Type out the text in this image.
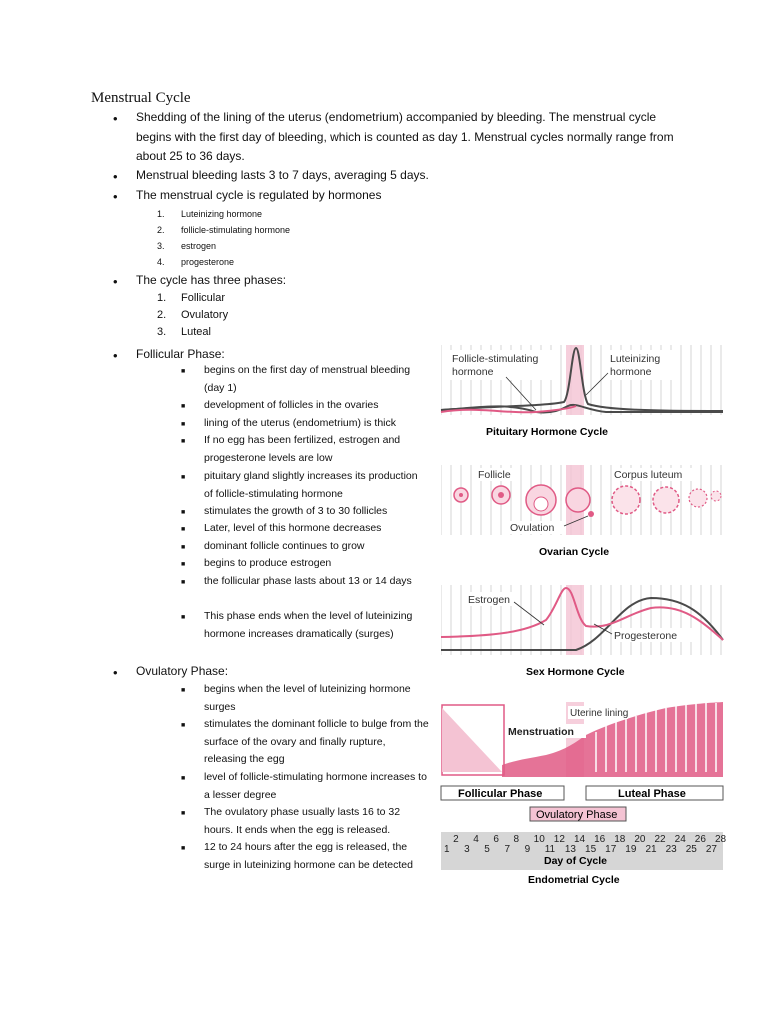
Menstrual Cycle
• Shedding of the lining of the uterus (endometrium) accompanied by bleeding. The menstrual cycle begins with the first day of bleeding, which is counted as day 1. Menstrual cycles normally range from about 25 to 36 days.
• Menstrual bleeding lasts 3 to 7 days, averaging 5 days.
• The menstrual cycle is regulated by hormones
1. Luteinizing hormone
2. follicle-stimulating hormone
3. estrogen
4. progesterone
• The cycle has three phases:
1. Follicular
2. Ovulatory
3. Luteal
• Follicular Phase:
■ begins on the first day of menstrual bleeding (day 1)
■ development of follicles in the ovaries
■ lining of the uterus (endometrium) is thick
■ If no egg has been fertilized, estrogen and progesterone levels are low
■ pituitary gland slightly increases its production of follicle-stimulating hormone
■ stimulates the growth of 3 to 30 follicles
■ Later, level of this hormone decreases
■ dominant follicle continues to grow
■ begins to produce estrogen
■ the follicular phase lasts about 13 or 14 days
■ This phase ends when the level of luteinizing hormone increases dramatically (surges)
• Ovulatory Phase:
■ begins when the level of luteinizing hormone surges
■ stimulates the dominant follicle to bulge from the surface of the ovary and finally rupture, releasing the egg
■ level of follicle-stimulating hormone increases to a lesser degree
■ The ovulatory phase usually lasts 16 to 32 hours. It ends when the egg is released.
■ 12 to 24 hours after the egg is released, the surge in luteinizing hormone can be detected
Follicle-stimulating
hormone
Luteinizing
hormone
Pituitary Hormone Cycle
Follicle	Corpus luteum
Ovulation
Ovarian Cycle
Estrogen
Progesterone
Sex Hormone Cycle
Uterine lining
Menstruation
Follicular Phase	Luteal Phase
Ovulatory Phase
2 4 6 8 10 12 14 16 18 20 22 24 26 28
1 3 5 7 9 11 13 15 17 19 21 23 25 27
Day of Cycle
Endometrial Cycle
